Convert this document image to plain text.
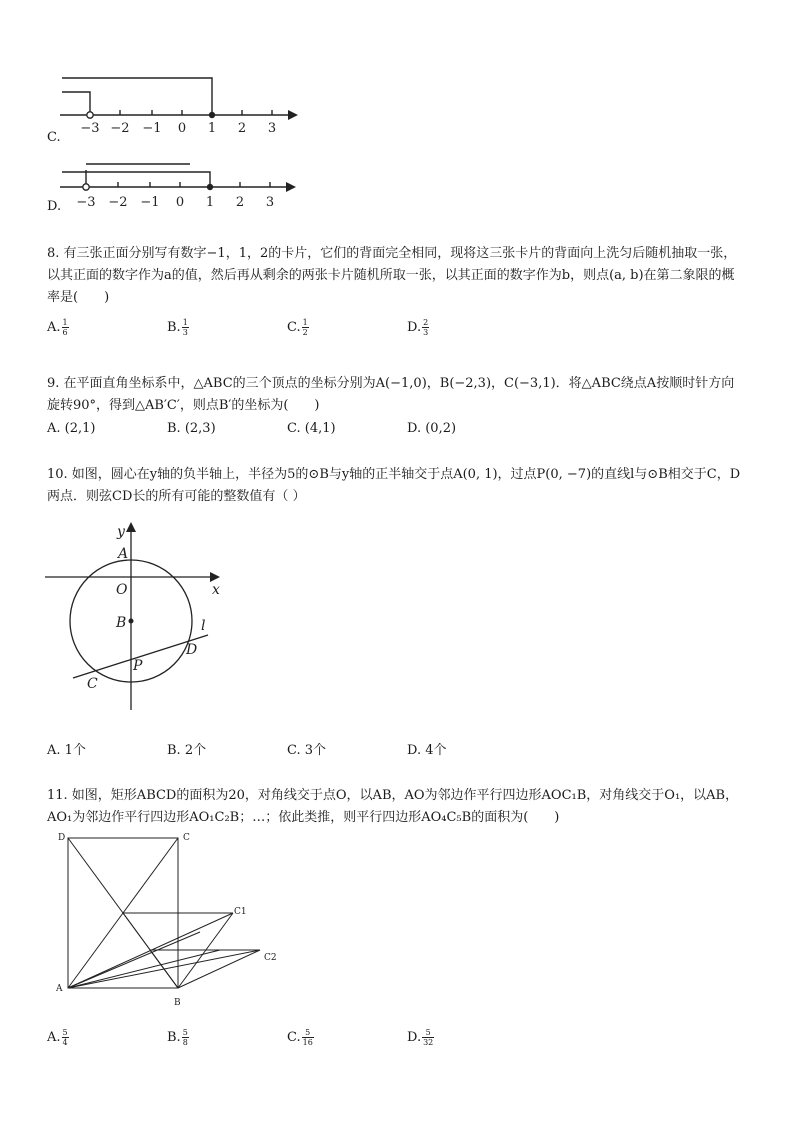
−3 −2 −1 0 1 2 3
C.
−3 −2 −1 0 1 2 3
D.
8. 有三张正面分别写有数字−1，1，2的卡片，它们的背面完全相同，现将这三张卡片的背面向上洗匀后随机抽取一张，以其正面的数字作为a的值，然后再从剩余的两张卡片随机所取一张，以其正面的数字作为b，则点(a, b)在第二象限的概率是(　　)
A. $\frac{1}{6}$	B. $\frac{1}{3}$	C. $\frac{1}{2}$	D. $\frac{2}{3}$
9. 在平面直角坐标系中，△ABC的三个顶点的坐标分别为A(−1,0)，B(−2,3)，C(−3,1)．将△ABC绕点A按顺时针方向旋转90°，得到△AB′C′，则点B′的坐标为(　　)
A. (2,1)	B. (2,3)	C. (4,1)	D. (0,2)
10. 如图，圆心在y轴的负半轴上，半径为5的⊙B与y轴的正半轴交于点A(0, 1)，过点P(0, −7)的直线l与⊙B相交于C，D两点．则弦CD长的所有可能的整数值有（ ）
y
x
A
O
B
P
C
D
l
A. 1个	B. 2个	C. 3个	D. 4个
11. 如图，矩形ABCD的面积为20，对角线交于点O，以AB，AO为邻边作平行四边形AOC₁B，对角线交于O₁，以AB，AO₁为邻边作平行四边形AO₁C₂B；…；依此类推，则平行四边形AO₄C₅B的面积为(　　)
D	C
C1
C2
A
B
A. $\frac{5}{4}$	B. $\frac{5}{8}$	C. $\frac{5}{16}$	D. $\frac{5}{32}$
